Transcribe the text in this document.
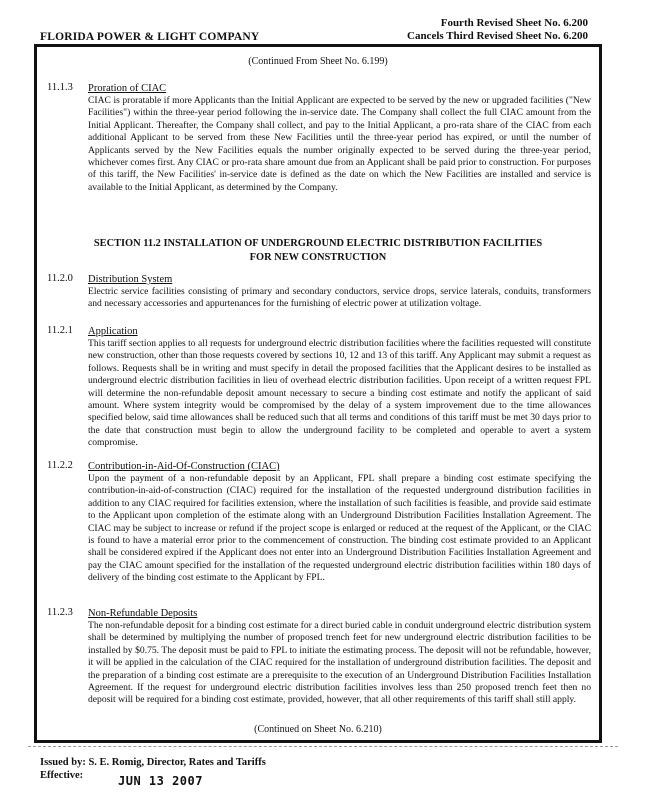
FLORIDA POWER & LIGHT COMPANY
Fourth Revised Sheet No. 6.200
Cancels Third Revised Sheet No. 6.200
(Continued From Sheet No. 6.199)
11.1.3 Proration of CIAC
CIAC is proratable if more Applicants than the Initial Applicant are expected to be served by the new or upgraded facilities ("New Facilities") within the three-year period following the in-service date. The Company shall collect the full CIAC amount from the Initial Applicant. Thereafter, the Company shall collect, and pay to the Initial Applicant, a pro-rata share of the CIAC from each additional Applicant to be served from these New Facilities until the three-year period has expired, or until the number of Applicants served by the New Facilities equals the number originally expected to be served during the three-year period, whichever comes first. Any CIAC or pro-rata share amount due from an Applicant shall be paid prior to construction. For purposes of this tariff, the New Facilities' in-service date is defined as the date on which the New Facilities are installed and service is available to the Initial Applicant, as determined by the Company.
SECTION 11.2 INSTALLATION OF UNDERGROUND ELECTRIC DISTRIBUTION FACILITIES
FOR NEW CONSTRUCTION
11.2.0 Distribution System
Electric service facilities consisting of primary and secondary conductors, service drops, service laterals, conduits, transformers and necessary accessories and appurtenances for the furnishing of electric power at utilization voltage.
11.2.1 Application
This tariff section applies to all requests for underground electric distribution facilities where the facilities requested will constitute new construction, other than those requests covered by sections 10, 12 and 13 of this tariff. Any Applicant may submit a request as follows. Requests shall be in writing and must specify in detail the proposed facilities that the Applicant desires to be installed as underground electric distribution facilities in lieu of overhead electric distribution facilities. Upon receipt of a written request FPL will determine the non-refundable deposit amount necessary to secure a binding cost estimate and notify the applicant of said amount. Where system integrity would be compromised by the delay of a system improvement due to the time allowances specified below, said time allowances shall be reduced such that all terms and conditions of this tariff must be met 30 days prior to the date that construction must begin to allow the underground facility to be completed and operable to avert a system compromise.
11.2.2 Contribution-in-Aid-Of-Construction (CIAC)
Upon the payment of a non-refundable deposit by an Applicant, FPL shall prepare a binding cost estimate specifying the contribution-in-aid-of-construction (CIAC) required for the installation of the requested underground distribution facilities in addition to any CIAC required for facilities extension, where the installation of such facilities is feasible, and provide said estimate to the Applicant upon completion of the estimate along with an Underground Distribution Facilities Installation Agreement. The CIAC may be subject to increase or refund if the project scope is enlarged or reduced at the request of the Applicant, or the CIAC is found to have a material error prior to the commencement of construction. The binding cost estimate provided to an Applicant shall be considered expired if the Applicant does not enter into an Underground Distribution Facilities Installation Agreement and pay the CIAC amount specified for the installation of the requested underground electric distribution facilities within 180 days of delivery of the binding cost estimate to the Applicant by FPL.
11.2.3 Non-Refundable Deposits
The non-refundable deposit for a binding cost estimate for a direct buried cable in conduit underground electric distribution system shall be determined by multiplying the number of proposed trench feet for new underground electric distribution facilities to be installed by $0.75. The deposit must be paid to FPL to initiate the estimating process. The deposit will not be refundable, however, it will be applied in the calculation of the CIAC required for the installation of underground distribution facilities. The deposit and the preparation of a binding cost estimate are a prerequisite to the execution of an Underground Distribution Facilities Installation Agreement. If the request for underground electric distribution facilities involves less than 250 proposed trench feet then no deposit will be required for a binding cost estimate, provided, however, that all other requirements of this tariff shall still apply.
(Continued on Sheet No. 6.210)
Issued by: S. E. Romig, Director, Rates and Tariffs
Effective:	JUN 13 2007
